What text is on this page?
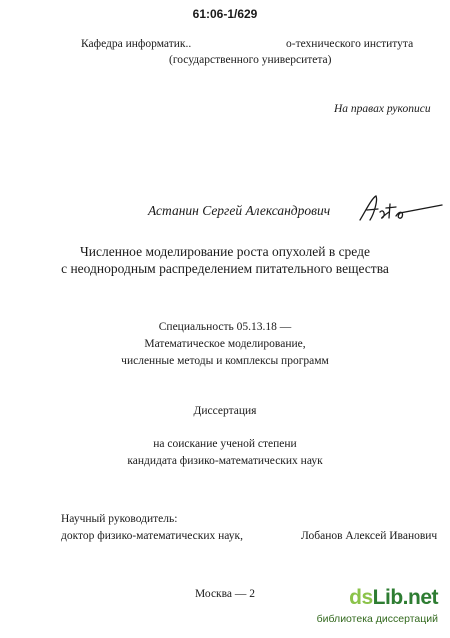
61:06-1/629
Кафедра информатик..	о-технического института
(государственного университета)
На правах рукописи
Астанин Сергей Александрович
Численное моделирование роста опухолей в среде
с неоднородным распределением питательного вещества
Специальность 05.13.18 —
Математическое моделирование,
численные методы и комплексы программ
Диссертация
на соискание ученой степени
кандидата физико-математических наук
Научный руководитель:
доктор физико-математических наук,	Лобанов Алексей Иванович
Москва — 2	dsLib.net
библиотека диссертаций
